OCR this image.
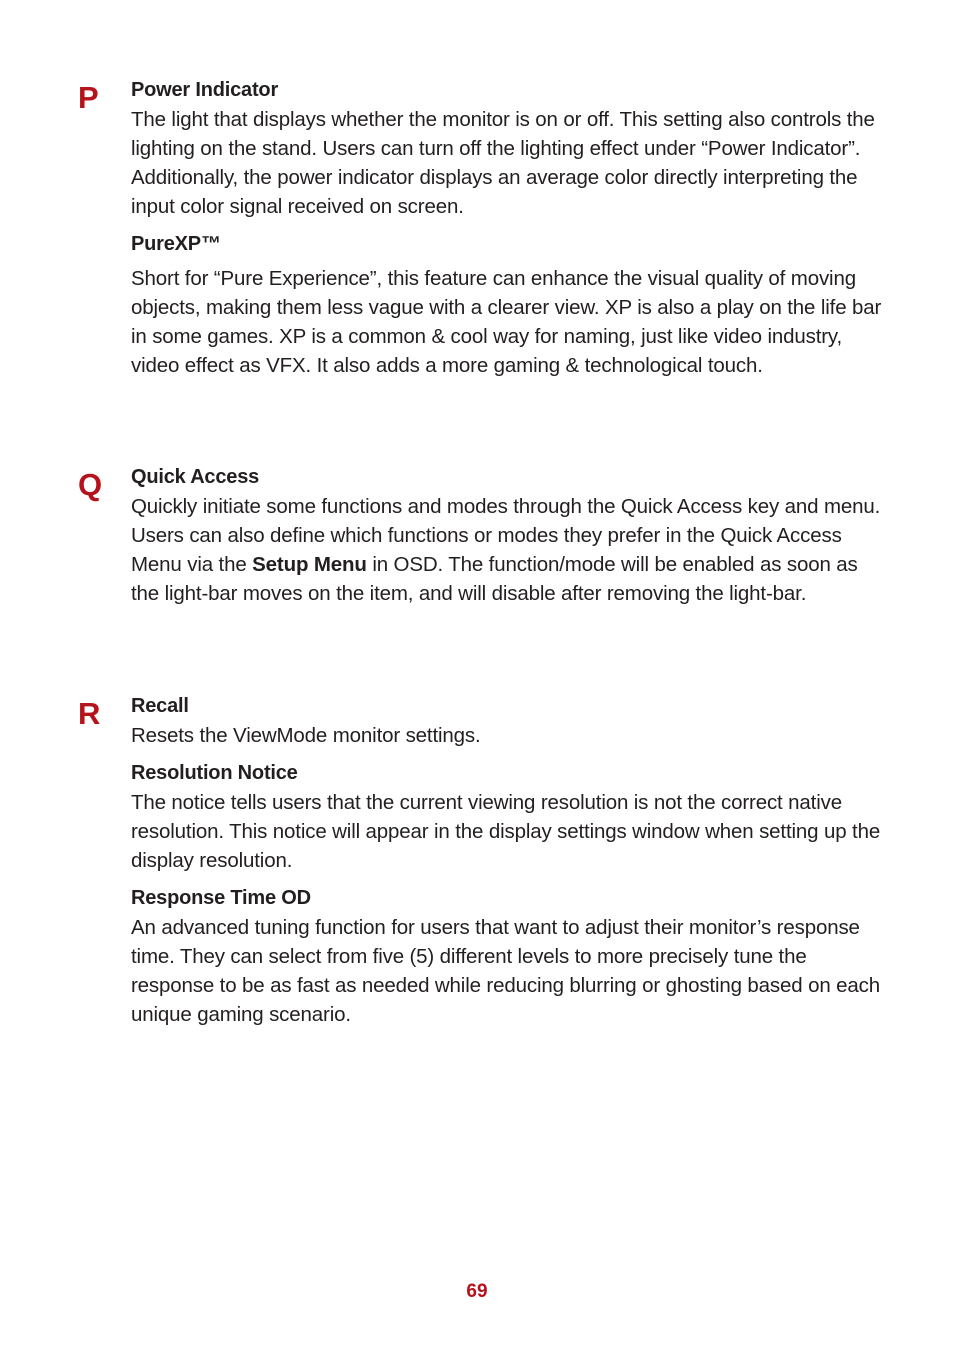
P Power Indicator

The light that displays whether the monitor is on or off. This setting also controls the lighting on the stand. Users can turn off the lighting effect under “Power Indicator”. Additionally, the power indicator displays an average color directly interpreting the input color signal received on screen.

PureXP™

Short for “Pure Experience”, this feature can enhance the visual quality of moving objects, making them less vague with a clearer view. XP is also a play on the life bar in some games. XP is a common & cool way for naming, just like video industry, video effect as VFX. It also adds a more gaming & technological touch.

Q Quick Access

Quickly initiate some functions and modes through the Quick Access key and menu. Users can also define which functions or modes they prefer in the Quick Access Menu via the Setup Menu in OSD. The function/mode will be enabled as soon as the light-bar moves on the item, and will disable after removing the light-bar.

R Recall

Resets the ViewMode monitor settings.

Resolution Notice

The notice tells users that the current viewing resolution is not the correct native resolution. This notice will appear in the display settings window when setting up the display resolution.

Response Time OD

An advanced tuning function for users that want to adjust their monitor’s response time. They can select from five (5) different levels to more precisely tune the response to be as fast as needed while reducing blurring or ghosting based on each unique gaming scenario.

69
